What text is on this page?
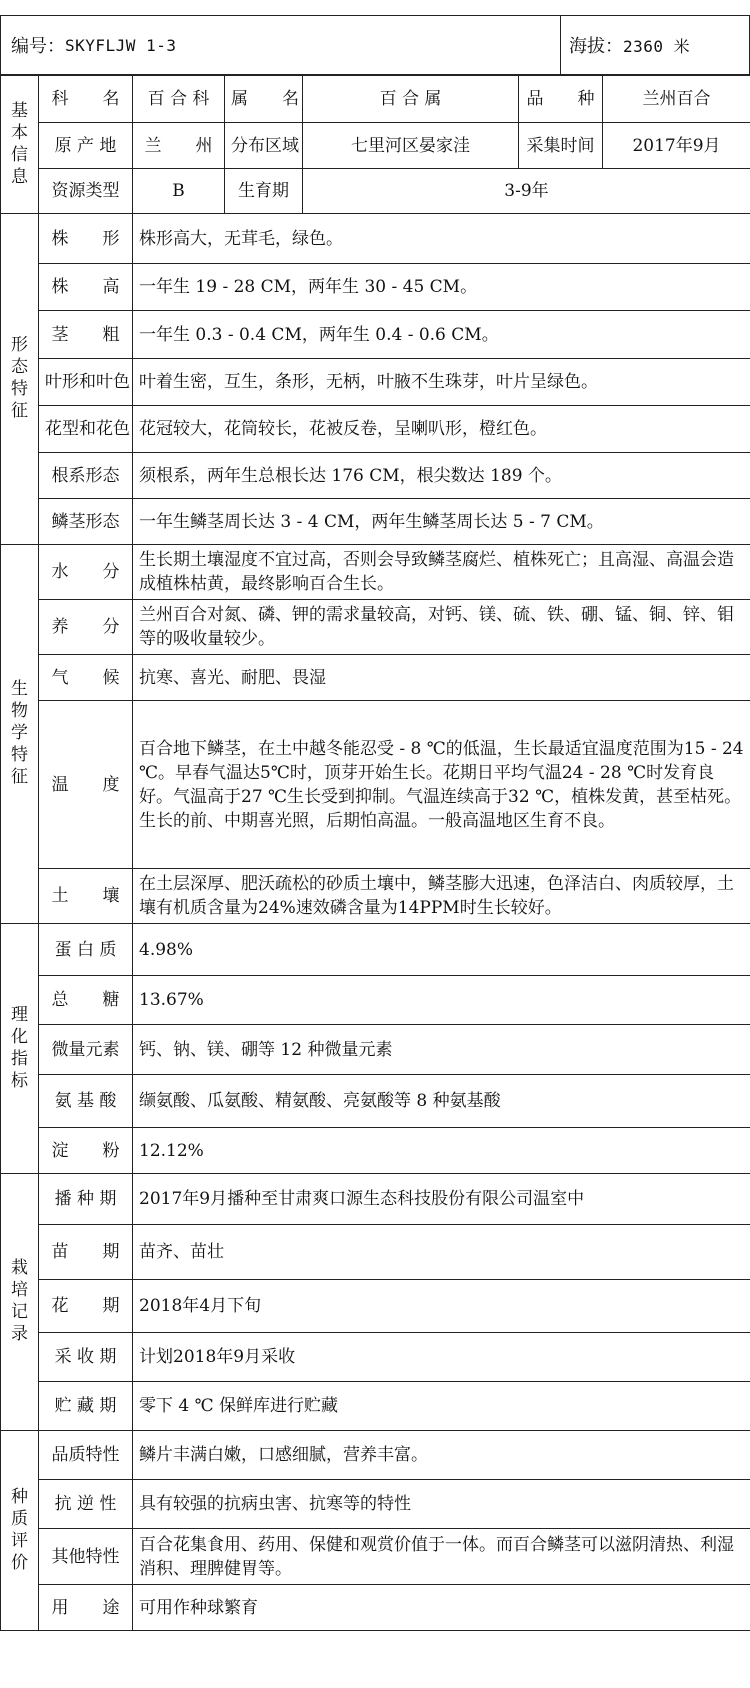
编号： SKYFLJW 1-3	海拔： 2360 米
基本信息	科　　名	百 合 科	属　　名	百 合 属	品　　种	兰州百合
	原 产 地	兰　　州	分布区域	七里河区晏家洼	采集时间	2017年9月
	资源类型	B	生育期	3-9年		
形态特征	株　　形	株形高大，无茸毛，绿色。				
	株　　高	一年生 19 - 28 CM，两年生 30 - 45 CM。				
	茎　　粗	一年生 0.3 - 0.4 CM，两年生 0.4 - 0.6 CM。				
	叶形和叶色	叶着生密，互生，条形，无柄，叶腋不生珠芽，叶片呈绿色。				
	花型和花色	花冠较大，花筒较长，花被反卷，呈喇叭形，橙红色。				
	根系形态	须根系，两年生总根长达 176 CM，根尖数达 189 个。				
	鳞茎形态	一年生鳞茎周长达 3 - 4 CM，两年生鳞茎周长达 5 - 7 CM。				
生物学特征	水　　分	生长期土壤湿度不宜过高，否则会导致鳞茎腐烂、植株死亡；且高湿、高温会造成植株枯黄，最终影响百合生长。				
	养　　分	兰州百合对氮、磷、钾的需求量较高，对钙、镁、硫、铁、硼、锰、铜、锌、钼等的吸收量较少。				
	气　　候	抗寒、喜光、耐肥、畏湿				
	温　　度	百合地下鳞茎，在土中越冬能忍受 - 8 ℃的低温，生长最适宜温度范围为15 - 24 ℃。早春气温达5℃时，顶芽开始生长。花期日平均气温24 - 28 ℃时发育良好。气温高于27 ℃生长受到抑制。气温连续高于32 ℃，植株发黄，甚至枯死。生长的前、中期喜光照，后期怕高温。一般高温地区生育不良。				
	土　　壤	在土层深厚、肥沃疏松的砂质土壤中，鳞茎膨大迅速，色泽洁白、肉质较厚，土壤有机质含量为24%速效磷含量为14PPM时生长较好。				
理化指标	蛋 白 质	4.98%				
	总　　糖	13.67%				
	微量元素	钙、钠、镁、硼等 12 种微量元素				
	氨 基 酸	缬氨酸、瓜氨酸、精氨酸、亮氨酸等 8 种氨基酸				
	淀　　粉	12.12%				
栽培记录	播 种 期	2017年9月播种至甘肃爽口源生态科技股份有限公司温室中				
	苗　　期	苗齐、苗壮				
	花　　期	2018年4月下旬				
	采 收 期	计划2018年9月采收				
	贮 藏 期	零下 4 ℃ 保鲜库进行贮藏				
种质评价	品质特性	鳞片丰满白嫩，口感细腻，营养丰富。				
	抗 逆 性	具有较强的抗病虫害、抗寒等的特性				
	其他特性	百合花集食用、药用、保健和观赏价值于一体。而百合鳞茎可以滋阴清热、利湿消积、理脾健胃等。				
	用　　途	可用作种球繁育				
